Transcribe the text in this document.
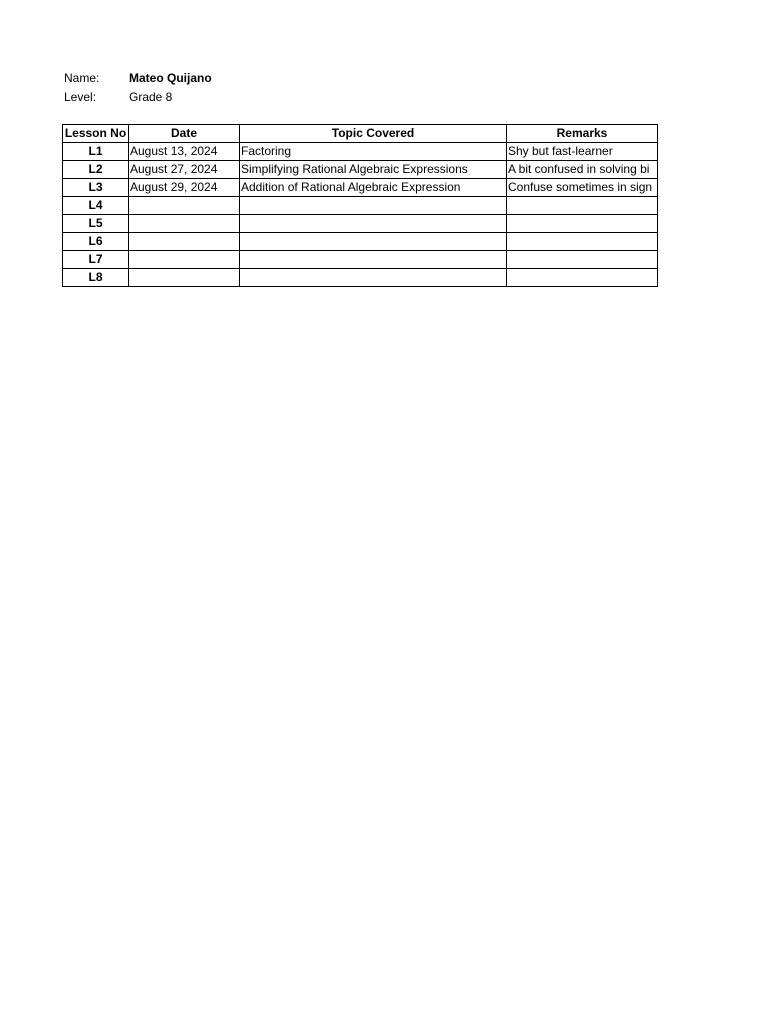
Name:	Mateo Quijano
Level:	Grade 8
Lesson No	Date	Topic Covered	Remarks
L1	August 13, 2024	Factoring	Shy but fast-learner
L2	August 27, 2024	Simplifying Rational Algebraic Expressions	A bit confused in solving bi
L3	August 29, 2024	Addition of Rational Algebraic Expression	Confuse sometimes in sign
L4			
L5			
L6			
L7			
L8			
